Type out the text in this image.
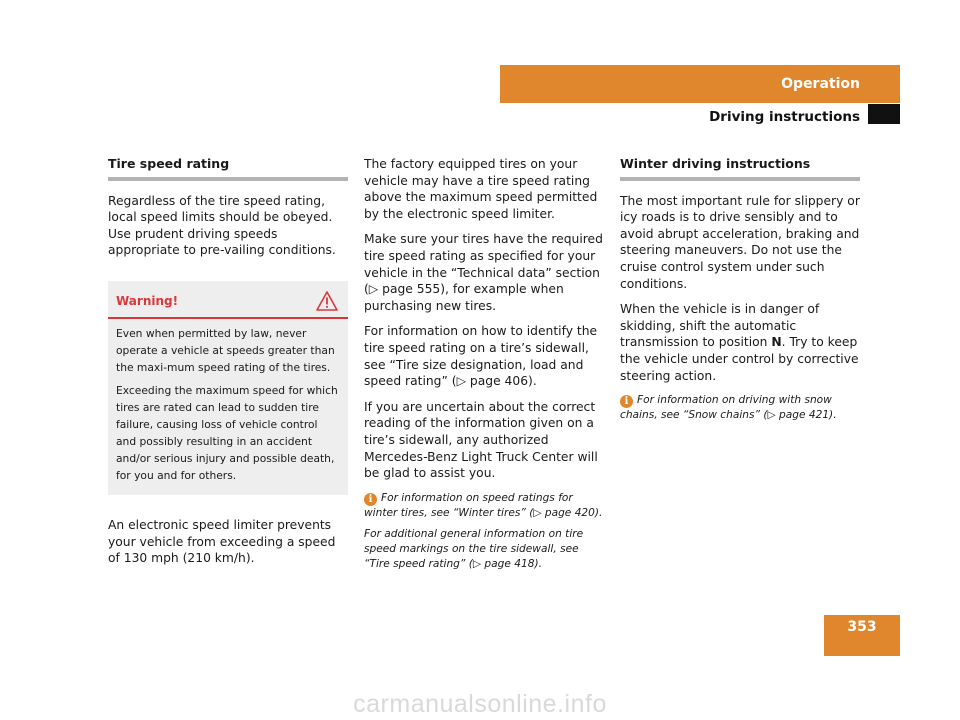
Operation
Driving instructions
Tire speed rating

Regardless of the tire speed rating, local speed limits should be obeyed. Use prudent driving speeds appropriate to pre-vailing conditions.

Warning!

Even when permitted by law, never operate a vehicle at speeds greater than the maxi-mum speed rating of the tires.

Exceeding the maximum speed for which tires are rated can lead to sudden tire failure, causing loss of vehicle control and possibly resulting in an accident and/or serious injury and possible death, for you and for others.

An electronic speed limiter prevents your vehicle from exceeding a speed of 130 mph (210 km/h).

The factory equipped tires on your vehicle may have a tire speed rating above the maximum speed permitted by the electronic speed limiter.

Make sure your tires have the required tire speed rating as specified for your vehicle in the “Technical data” section (▷ page 555), for example when purchasing new tires.

For information on how to identify the tire speed rating on a tire’s sidewall, see “Tire size designation, load and speed rating” (▷ page 406).

If you are uncertain about the correct reading of the information given on a tire’s sidewall, any authorized Mercedes-Benz Light Truck Center will be glad to assist you.

i For information on speed ratings for winter tires, see “Winter tires” (▷ page 420).
For additional general information on tire speed markings on the tire sidewall, see “Tire speed rating” (▷ page 418).
Winter driving instructions

The most important rule for slippery or icy roads is to drive sensibly and to avoid abrupt acceleration, braking and steering maneuvers. Do not use the cruise control system under such conditions.

When the vehicle is in danger of skidding, shift the automatic transmission to position N. Try to keep the vehicle under control by corrective steering action.

i For information on driving with snow chains, see “Snow chains” (▷ page 421).
353
carmanualsonline.info
